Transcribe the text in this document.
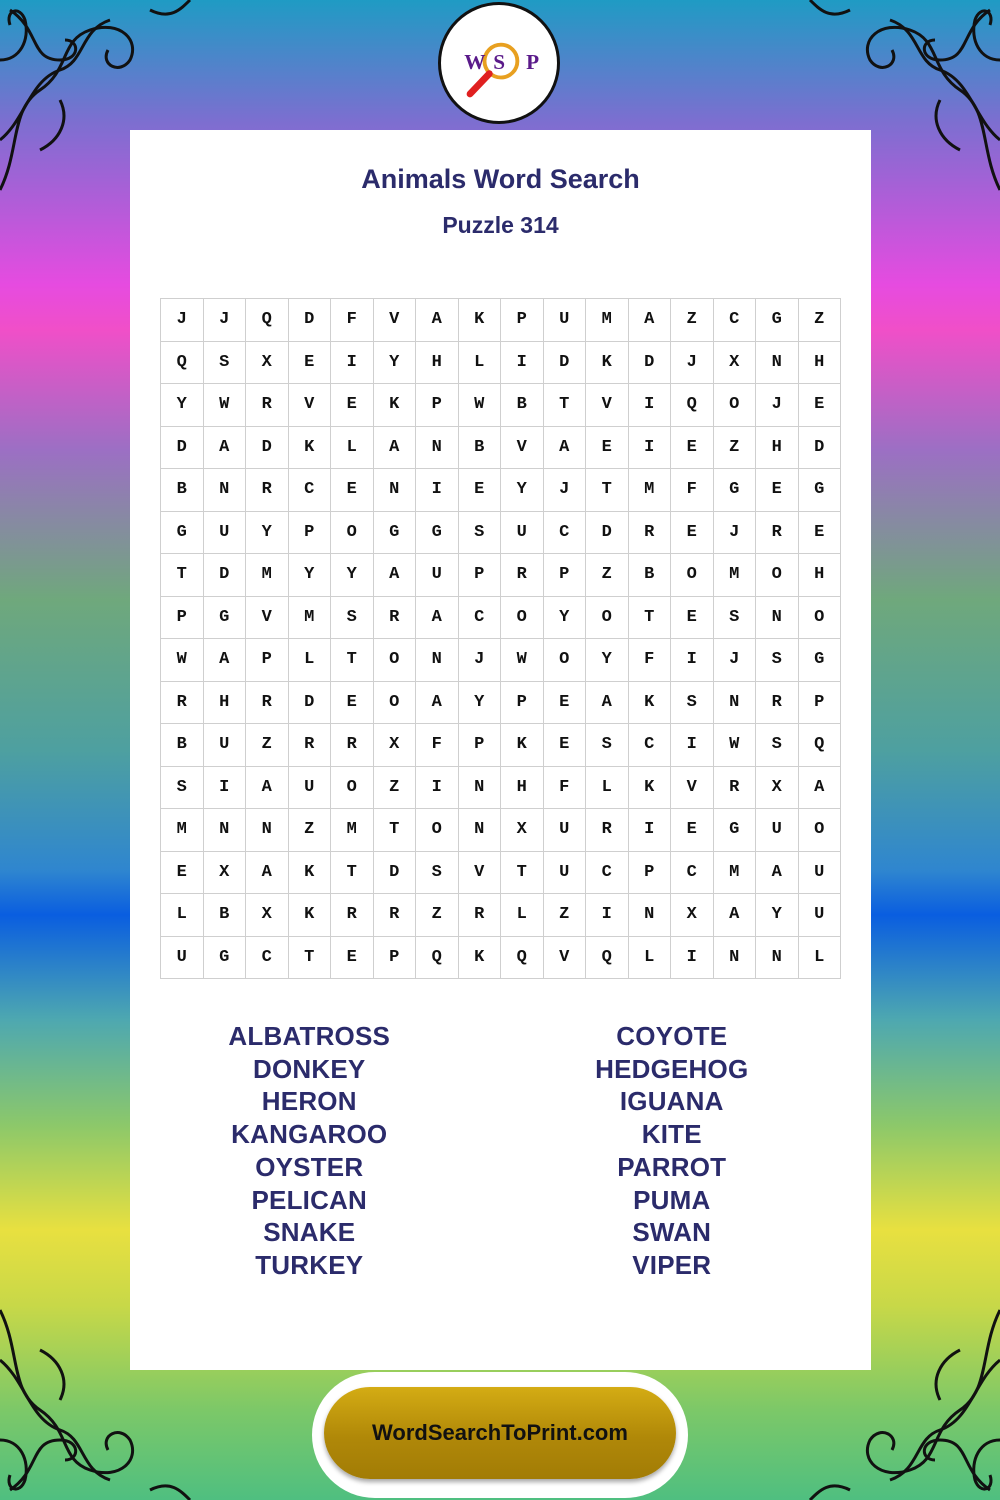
W S P
Animals Word Search
Puzzle 314
J	J	Q	D	F	V	A	K	P	U	M	A	Z	C	G	Z
Q	S	X	E	I	Y	H	L	I	D	K	D	J	X	N	H
Y	W	R	V	E	K	P	W	B	T	V	I	Q	O	J	E
D	A	D	K	L	A	N	B	V	A	E	I	E	Z	H	D
B	N	R	C	E	N	I	E	Y	J	T	M	F	G	E	G
G	U	Y	P	O	G	G	S	U	C	D	R	E	J	R	E
T	D	M	Y	Y	A	U	P	R	P	Z	B	O	M	O	H
P	G	V	M	S	R	A	C	O	Y	O	T	E	S	N	O
W	A	P	L	T	O	N	J	W	O	Y	F	I	J	S	G
R	H	R	D	E	O	A	Y	P	E	A	K	S	N	R	P
B	U	Z	R	R	X	F	P	K	E	S	C	I	W	S	Q
S	I	A	U	O	Z	I	N	H	F	L	K	V	R	X	A
M	N	N	Z	M	T	O	N	X	U	R	I	E	G	U	O
E	X	A	K	T	D	S	V	T	U	C	P	C	M	A	U
L	B	X	K	R	R	Z	R	L	Z	I	N	X	A	Y	U
U	G	C	T	E	P	Q	K	Q	V	Q	L	I	N	N	L
ALBATROSS
DONKEY
HERON
KANGAROO
OYSTER
PELICAN
SNAKE
TURKEY
COYOTE
HEDGEHOG
IGUANA
KITE
PARROT
PUMA
SWAN
VIPER
WordSearchToPrint.com
